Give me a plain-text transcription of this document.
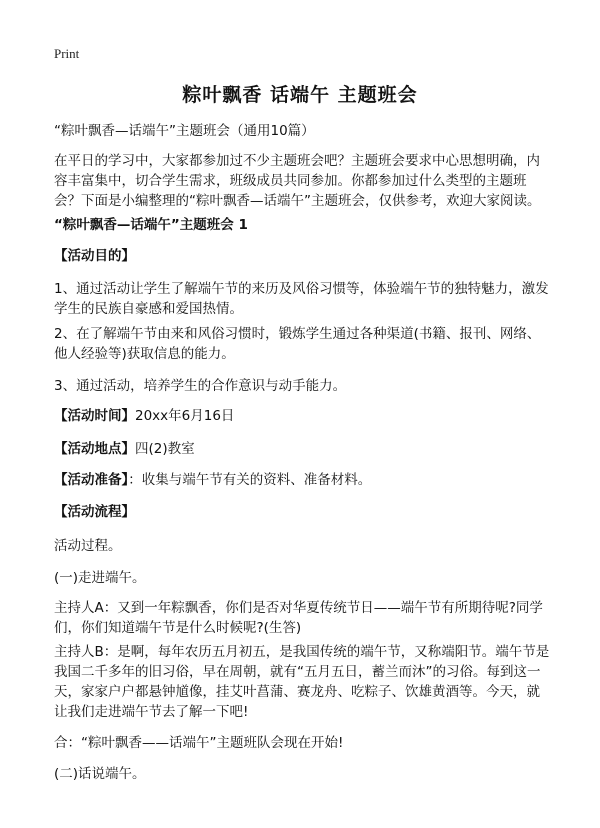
Print
粽叶飘香 话端午 主题班会

“粽叶飘香—话端午”主题班会（通用10篇）

在平日的学习中，大家都参加过不少主题班会吧？主题班会要求中心思想明确，内容丰富集中，切合学生需求，班级成员共同参加。你都参加过什么类型的主题班会？下面是小编整理的“粽叶飘香—话端午”主题班会，仅供参考，欢迎大家阅读。

“粽叶飘香—话端午”主题班会 1

【活动目的】

1、通过活动让学生了解端午节的来历及风俗习惯等，体验端午节的独特魅力，激发学生的民族自豪感和爱国热情。

2、在了解端午节由来和风俗习惯时，锻炼学生通过各种渠道(书籍、报刊、网络、他人经验等)获取信息的能力。

3、通过活动，培养学生的合作意识与动手能力。

【活动时间】20xx年6月16日

【活动地点】四(2)教室

【活动准备】：收集与端午节有关的资料、准备材料。

【活动流程】

活动过程。

(一)走进端午。

主持人A：又到一年粽飘香，你们是否对华夏传统节日——端午节有所期待呢?同学们，你们知道端午节是什么时候呢?(生答)

主持人B：是啊，每年农历五月初五，是我国传统的端午节，又称端阳节。端午节是我国二千多年的旧习俗，早在周朝，就有“五月五日，蓄兰而沐”的习俗。每到这一天，家家户户都悬钟馗像，挂艾叶菖蒲、赛龙舟、吃粽子、饮雄黄酒等。今天，就让我们走进端午节去了解一下吧!

合：“粽叶飘香——话端午”主题班队会现在开始!

(二)话说端午。
